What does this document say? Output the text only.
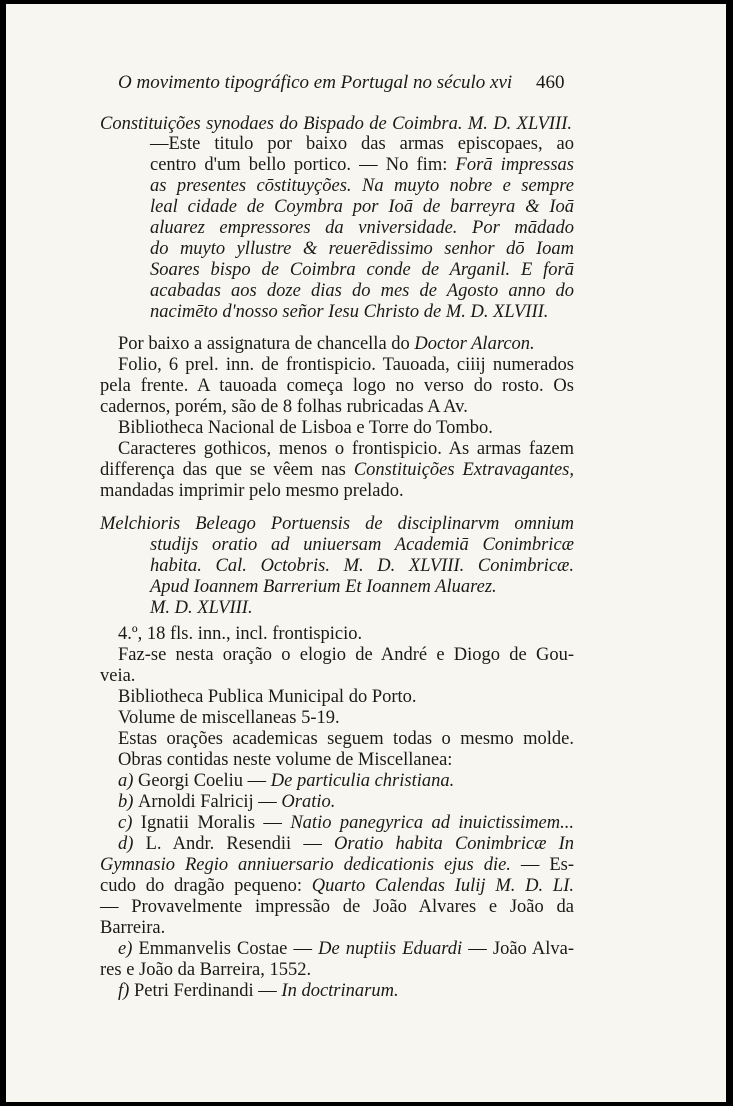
O movimento tipográfico em Portugal no século xvi 460
Constituições synodaes do Bispado de Coimbra. M. D. XLVIII.
—Este titulo por baixo das armas episcopaes, ao
centro d'um bello portico. — No fim: Forā impressas
as presentes cōstituyções. Na muyto nobre e sempre
leal cidade de Coymbra por Ioā de barreyra & Ioā
aluarez empressores da vniversidade. Por mādado
do muyto yllustre & reuerēdissimo senhor dō Ioam
Soares bispo de Coimbra conde de Arganil. E forā
acabadas aos doze dias do mes de Agosto anno do
nacimēto d'nosso señor Iesu Christo de M. D. XLVIII.
Por baixo a assignatura de chancella do Doctor Alarcon.
Folio, 6 prel. inn. de frontispicio. Tauoada, ciiij numerados
pela frente. A tauoada começa logo no verso do rosto. Os
cadernos, porém, são de 8 folhas rubricadas A Av.
Bibliotheca Nacional de Lisboa e Torre do Tombo.
Caracteres gothicos, menos o frontispicio. As armas fazem
differença das que se vêem nas Constituições Extravagantes,
mandadas imprimir pelo mesmo prelado.
Melchioris Beleago Portuensis de disciplinarvm omnium
studijs oratio ad uniuersam Academiā Conimbricæ
habita. Cal. Octobris. M. D. XLVIII. Conimbricæ.
Apud Ioannem Barrerium Et Ioannem Aluarez.
M. D. XLVIII.
4.º, 18 fls. inn., incl. frontispicio.
Faz-se nesta oração o elogio de André e Diogo de Gou-
veia.
Bibliotheca Publica Municipal do Porto.
Volume de miscellaneas 5-19.
Estas orações academicas seguem todas o mesmo molde.
Obras contidas neste volume de Miscellanea:
a) Georgi Coeliu — De particulia christiana.
b) Arnoldi Falricij — Oratio.
c) Ignatii Moralis — Natio panegyrica ad inuictissimem...
d) L. Andr. Resendii — Oratio habita Conimbricæ In
Gymnasio Regio anniuersario dedicationis ejus die. — Es-
cudo do dragão pequeno: Quarto Calendas Iulij M. D. LI.
— Provavelmente impressão de João Alvares e João da
Barreira.
e) Emmanvelis Costae — De nuptiis Eduardi — João Alva-
res e João da Barreira, 1552.
f) Petri Ferdinandi — In doctrinarum.
